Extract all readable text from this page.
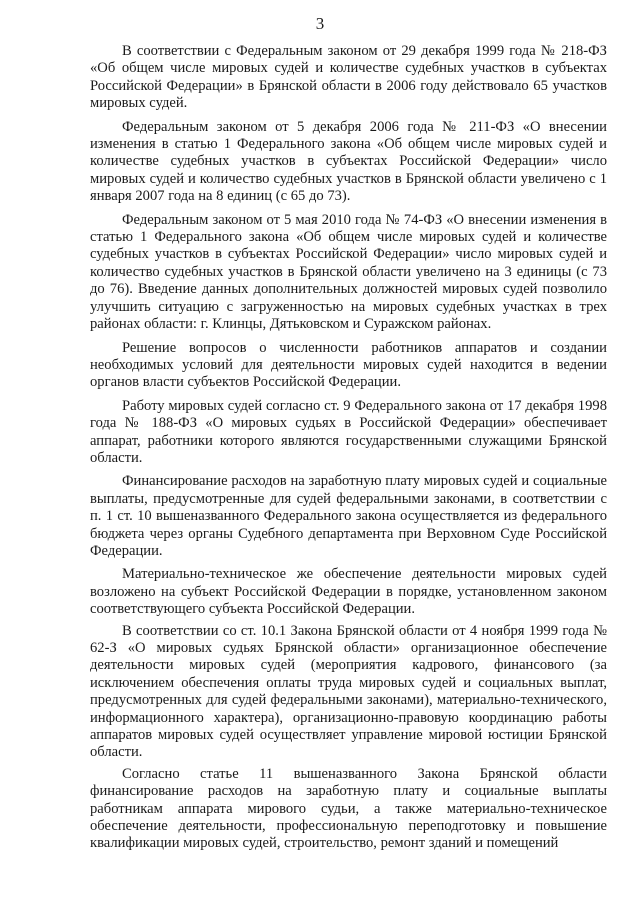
3

В соответствии с Федеральным законом от 29 декабря 1999 года № 218-ФЗ «Об общем числе мировых судей и количестве судебных участков в субъектах Российской Федерации» в Брянской области в 2006 году действовало 65 участков мировых судей.

Федеральным законом от 5 декабря 2006 года № 211-ФЗ «О внесении изменения в статью 1 Федерального закона «Об общем числе мировых судей и количестве судебных участков в субъектах Российской Федерации» число мировых судей и количество судебных участков в Брянской области увеличено с 1 января 2007 года на 8 единиц (с 65 до 73).

Федеральным законом от 5 мая 2010 года № 74-ФЗ «О внесении изменения в статью 1 Федерального закона «Об общем числе мировых судей и количестве судебных участков в субъектах Российской Федерации» число мировых судей и количество судебных участков в Брянской области увеличено на 3 единицы (с 73 до 76). Введение данных дополнительных должностей мировых судей позволило улучшить ситуацию с загруженностью на мировых судебных участках в трех районах области: г. Клинцы, Дятьковском и Суражском районах.

Решение вопросов о численности работников аппаратов и создании необходимых условий для деятельности мировых судей находится в ведении органов власти субъектов Российской Федерации.

Работу мировых судей согласно ст. 9 Федерального закона от 17 декабря 1998 года № 188-ФЗ «О мировых судьях в Российской Федерации» обеспечивает аппарат, работники которого являются государственными служащими Брянской области.

Финансирование расходов на заработную плату мировых судей и социальные выплаты, предусмотренные для судей федеральными законами, в соответствии с п. 1 ст. 10 вышеназванного Федерального закона осуществляется из федерального бюджета через органы Судебного департамента при Верховном Суде Российской Федерации.

Материально-техническое же обеспечение деятельности мировых судей возложено на субъект Российской Федерации в порядке, установленном законом соответствующего субъекта Российской Федерации.

В соответствии со ст. 10.1 Закона Брянской области от 4 ноября 1999 года № 62-З «О мировых судьях Брянской области» организационное обеспечение деятельности мировых судей (мероприятия кадрового, финансового (за исключением обеспечения оплаты труда мировых судей и социальных выплат, предусмотренных для судей федеральными законами), материально-технического, информационного характера), организационно-правовую координацию работы аппаратов мировых судей осуществляет управление мировой юстиции Брянской области.

Согласно статье 11 вышеназванного Закона Брянской области финансирование расходов на заработную плату и социальные выплаты работникам аппарата мирового судьи, а также материально-техническое обеспечение деятельности, профессиональную переподготовку и повышение квалификации мировых судей, строительство, ремонт зданий и помещений
